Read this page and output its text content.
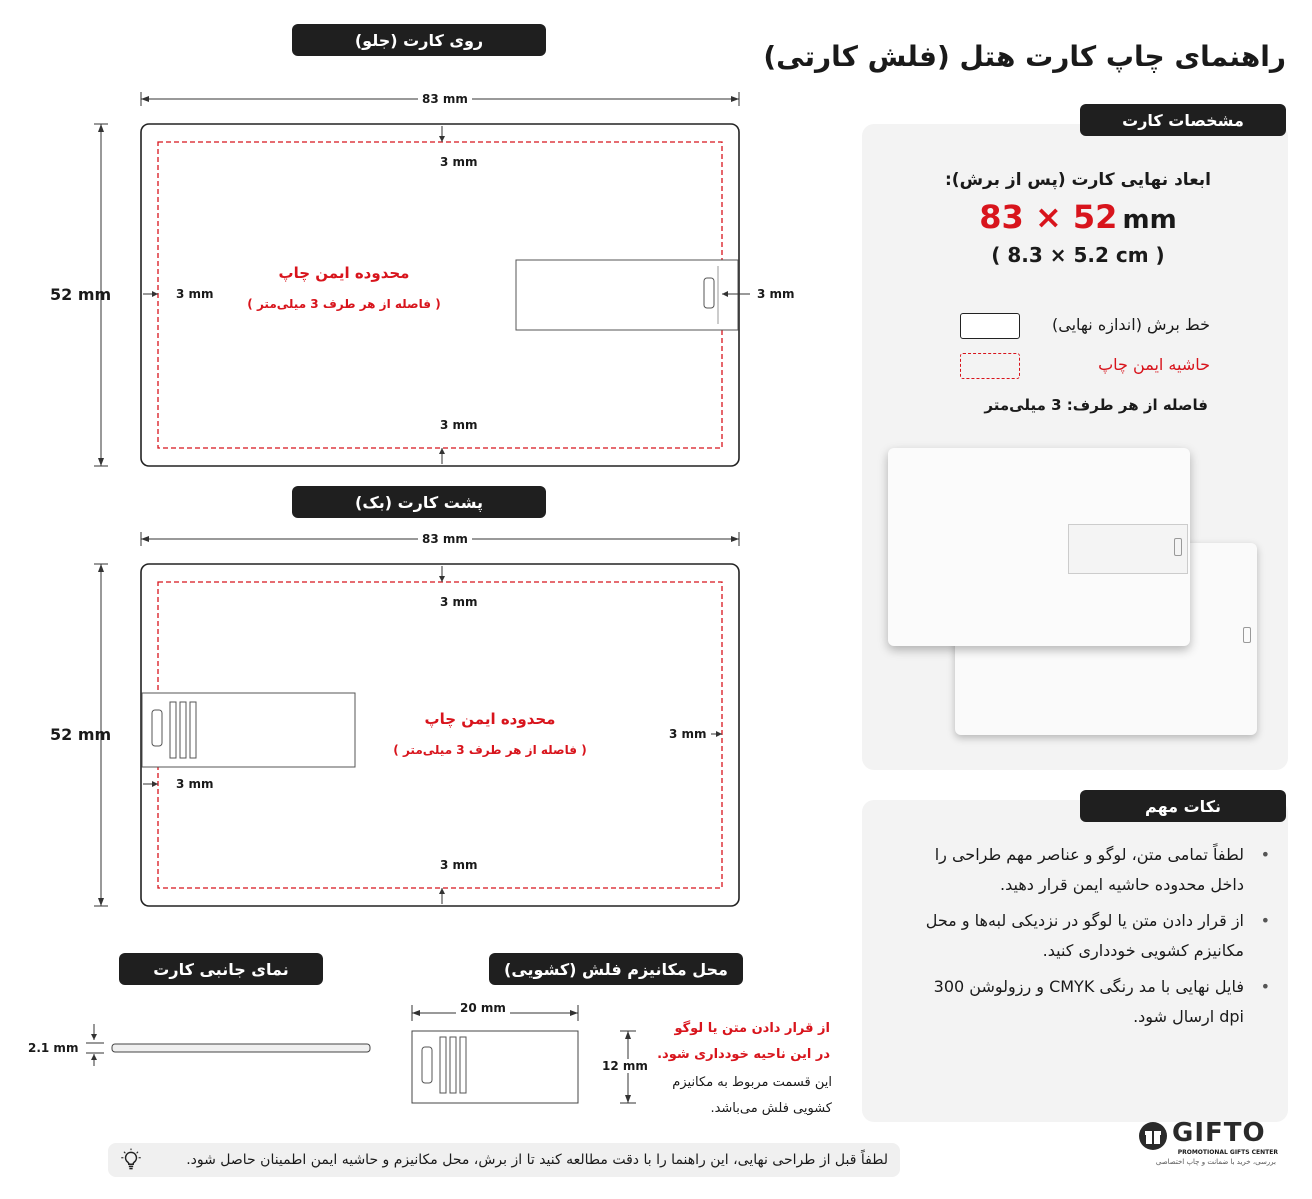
راهنمای چاپ کارت هتل (فلش کارتی)
روی کارت (جلو)
83 mm
52 mm
3 mm
3 mm
3 mm	3 mm
محدوده ایمن چاپ
( فاصله از هر طرف 3 میلی‌متر )
پشت کارت (بک)
83 mm
52 mm
3 mm
3 mm
3 mm
3 mm
محدوده ایمن چاپ
( فاصله از هر طرف 3 میلی‌متر )
نمای جانبی کارت
2.1 mm
محل مکانیزم فلش (کشویی)
20 mm
12 mm
از قرار دادن متن یا لوگو
در این ناحیه خودداری شود.
این قسمت مربوط به مکانیزم
کشویی فلش می‌باشد.
مشخصات کارت
ابعاد نهایی کارت (پس از برش):
83 × 52 mm
( 8.3 × 5.2 cm )
خط برش (اندازه نهایی)
حاشیه ایمن چاپ
فاصله از هر طرف: 3 میلی‌متر
نکات مهم
• لطفاً تمامی متن، لوگو و عناصر مهم طراحی را داخل محدوده حاشیه ایمن قرار دهید.
• از قرار دادن متن یا لوگو در نزدیکی لبه‌ها و محل مکانیزم کشویی خودداری کنید.
• فایل نهایی با مد رنگی CMYK و رزولوشن 300 dpi ارسال شود.
لطفاً قبل از طراحی نهایی، این راهنما را با دقت مطالعه کنید تا از برش، محل مکانیزم و حاشیه ایمن اطمینان حاصل شود.
GIFTO
PROMOTIONAL GIFTS CENTER
بررسی، خرید با ضمانت و چاپ اختصاصی
